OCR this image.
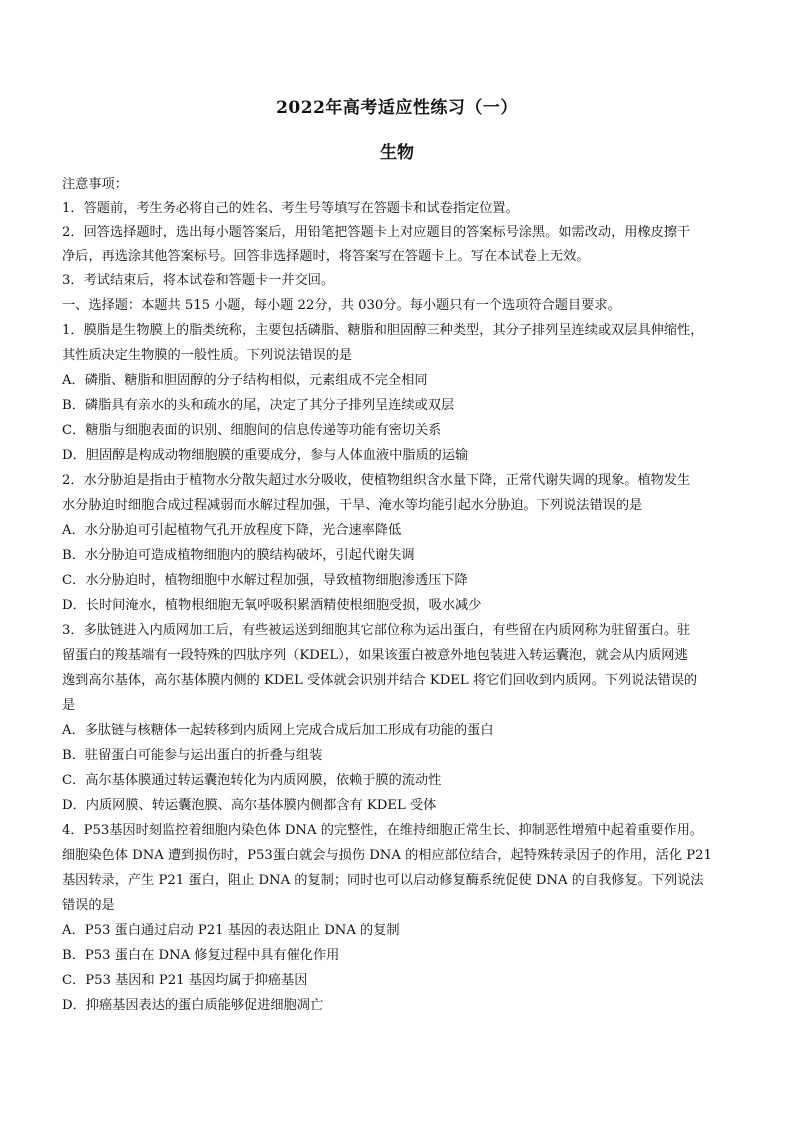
2022年高考适应性练习（一）
生物
注意事项：
1．答题前，考生务必将自己的姓名、考生号等填写在答题卡和试卷指定位置。
2．回答选择题时，选出每小题答案后，用铅笔把答题卡上对应题目的答案标号涂黑。如需改动，用橡皮擦干
净后，再选涂其他答案标号。回答非选择题时，将答案写在答题卡上。写在本试卷上无效。
3．考试结束后，将本试卷和答题卡一并交回。
一、选择题：本题共 515 小题，每小题 22分，共 030分。每小题只有一个选项符合题目要求。
1．膜脂是生物膜上的脂类统称，主要包括磷脂、糖脂和胆固醇三种类型，其分子排列呈连续或双层具伸缩性，
其性质决定生物膜的一般性质。下列说法错误的是
A．磷脂、糖脂和胆固醇的分子结构相似，元素组成不完全相同
B．磷脂具有亲水的头和疏水的尾，决定了其分子排列呈连续或双层
C．糖脂与细胞表面的识别、细胞间的信息传递等功能有密切关系
D．胆固醇是构成动物细胞膜的重要成分，参与人体血液中脂质的运输
2．水分胁迫是指由于植物水分散失超过水分吸收，使植物组织含水量下降，正常代谢失调的现象。植物发生
水分胁迫时细胞合成过程减弱而水解过程加强，干旱、淹水等均能引起水分胁迫。下列说法错误的是
A．水分胁迫可引起植物气孔开放程度下降，光合速率降低
B．水分胁迫可造成植物细胞内的膜结构破坏，引起代谢失调
C．水分胁迫时，植物细胞中水解过程加强，导致植物细胞渗透压下降
D．长时间淹水，植物根细胞无氧呼吸积累酒精使根细胞受损，吸水减少
3．多肽链进入内质网加工后，有些被运送到细胞其它部位称为运出蛋白，有些留在内质网称为驻留蛋白。驻
留蛋白的羧基端有一段特殊的四肽序列（KDEL），如果该蛋白被意外地包装进入转运囊泡，就会从内质网逃
逸到高尔基体，高尔基体膜内侧的 KDEL 受体就会识别并结合 KDEL 将它们回收到内质网。下列说法错误的
是
A．多肽链与核糖体一起转移到内质网上完成合成后加工形成有功能的蛋白
B．驻留蛋白可能参与运出蛋白的折叠与组装
C．高尔基体膜通过转运囊泡转化为内质网膜，依赖于膜的流动性
D．内质网膜、转运囊泡膜、高尔基体膜内侧都含有 KDEL 受体
4．P53基因时刻监控着细胞内染色体 DNA 的完整性，在维持细胞正常生长、抑制恶性增殖中起着重要作用。
细胞染色体 DNA 遭到损伤时，P53蛋白就会与损伤 DNA 的相应部位结合，起特殊转录因子的作用，活化 P21
基因转录，产生 P21 蛋白，阻止 DNA 的复制；同时也可以启动修复酶系统促使 DNA 的自我修复。下列说法
错误的是
A．P53 蛋白通过启动 P21 基因的表达阻止 DNA 的复制
B．P53 蛋白在 DNA 修复过程中具有催化作用
C．P53 基因和 P21 基因均属于抑癌基因
D．抑癌基因表达的蛋白质能够促进细胞凋亡
